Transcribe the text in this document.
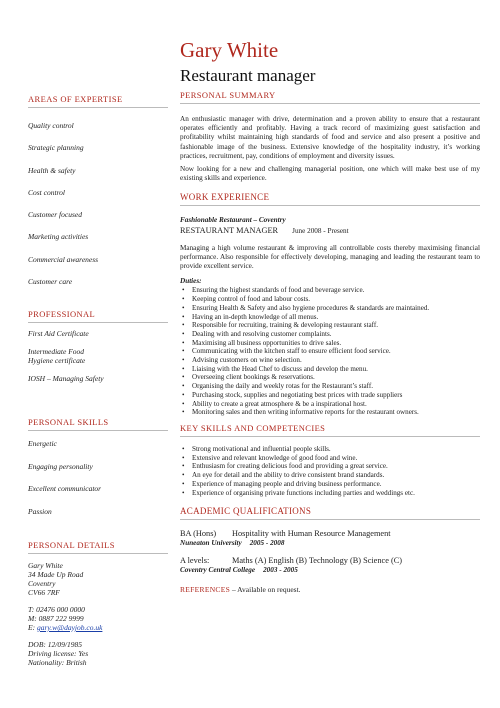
Gary White
Restaurant manager
AREAS OF EXPERTISE
Quality control
Strategic planning
Health & safety
Cost control
Customer focused
Marketing activities
Commercial awareness
Customer care
PROFESSIONAL
First Aid Certificate
Intermediate Food
Hygiene certificate
IOSH – Managing Safety
PERSONAL SKILLS
Energetic
Engaging personality
Excellent communicator
Passion
PERSONAL DETAILS
Gary White
34 Made Up Road
Coventry
CV66 7RF
T: 02476 000 0000
M: 0887 222 9999
E: gary.w@dayjob.co.uk
DOB: 12/09/1985
Driving license: Yes
Nationality: British
PERSONAL SUMMARY
An enthusiastic manager with drive, determination and a proven ability to ensure that a restaurant operates efficiently and profitably. Having a track record of maximizing guest satisfaction and profitability whilst maintaining high standards of food and service and also present a positive and fashionable image of the business. Extensive knowledge of the hospitality industry, it’s working practices, recruitment, pay, conditions of employment and diversity issues.
Now looking for a new and challenging managerial position, one which will make best use of my existing skills and experience.
WORK EXPERIENCE
Fashionable Restaurant – Coventry
RESTAURANT MANAGER June 2008 - Present
Managing a high volume restaurant & improving all controllable costs thereby maximising financial performance. Also responsible for effectively developing, managing and leading the restaurant team to provide excellent service.
Duties:
• Ensuring the highest standards of food and beverage service.
• Keeping control of food and labour costs.
• Ensuring Health & Safety and also hygiene procedures & standards are maintained.
• Having an in-depth knowledge of all menus.
• Responsible for recruiting, training & developing restaurant staff.
• Dealing with and resolving customer complaints.
• Maximising all business opportunities to drive sales.
• Communicating with the kitchen staff to ensure efficient food service.
• Advising customers on wine selection.
• Liaising with the Head Chef to discuss and develop the menu.
• Overseeing client bookings & reservations.
• Organising the daily and weekly rotas for the Restaurant’s staff.
• Purchasing stock, supplies and negotiating best prices with trade suppliers
• Ability to create a great atmosphere & be a inspirational host.
• Monitoring sales and then writing informative reports for the restaurant owners.
KEY SKILLS AND COMPETENCIES
• Strong motivational and influential people skills.
• Extensive and relevant knowledge of good food and wine.
• Enthusiasm for creating delicious food and providing a great service.
• An eye for detail and the ability to drive consistent brand standards.
• Experience of managing people and driving business performance.
• Experience of organising private functions including parties and weddings etc.
ACADEMIC QUALIFICATIONS
BA (Hons) Hospitality with Human Resource Management
Nuneaton University 2005 - 2008
A levels:	Maths (A) English (B) Technology (B) Science (C)
Coventry Central College 2003 - 2005
REFERENCES – Available on request.
